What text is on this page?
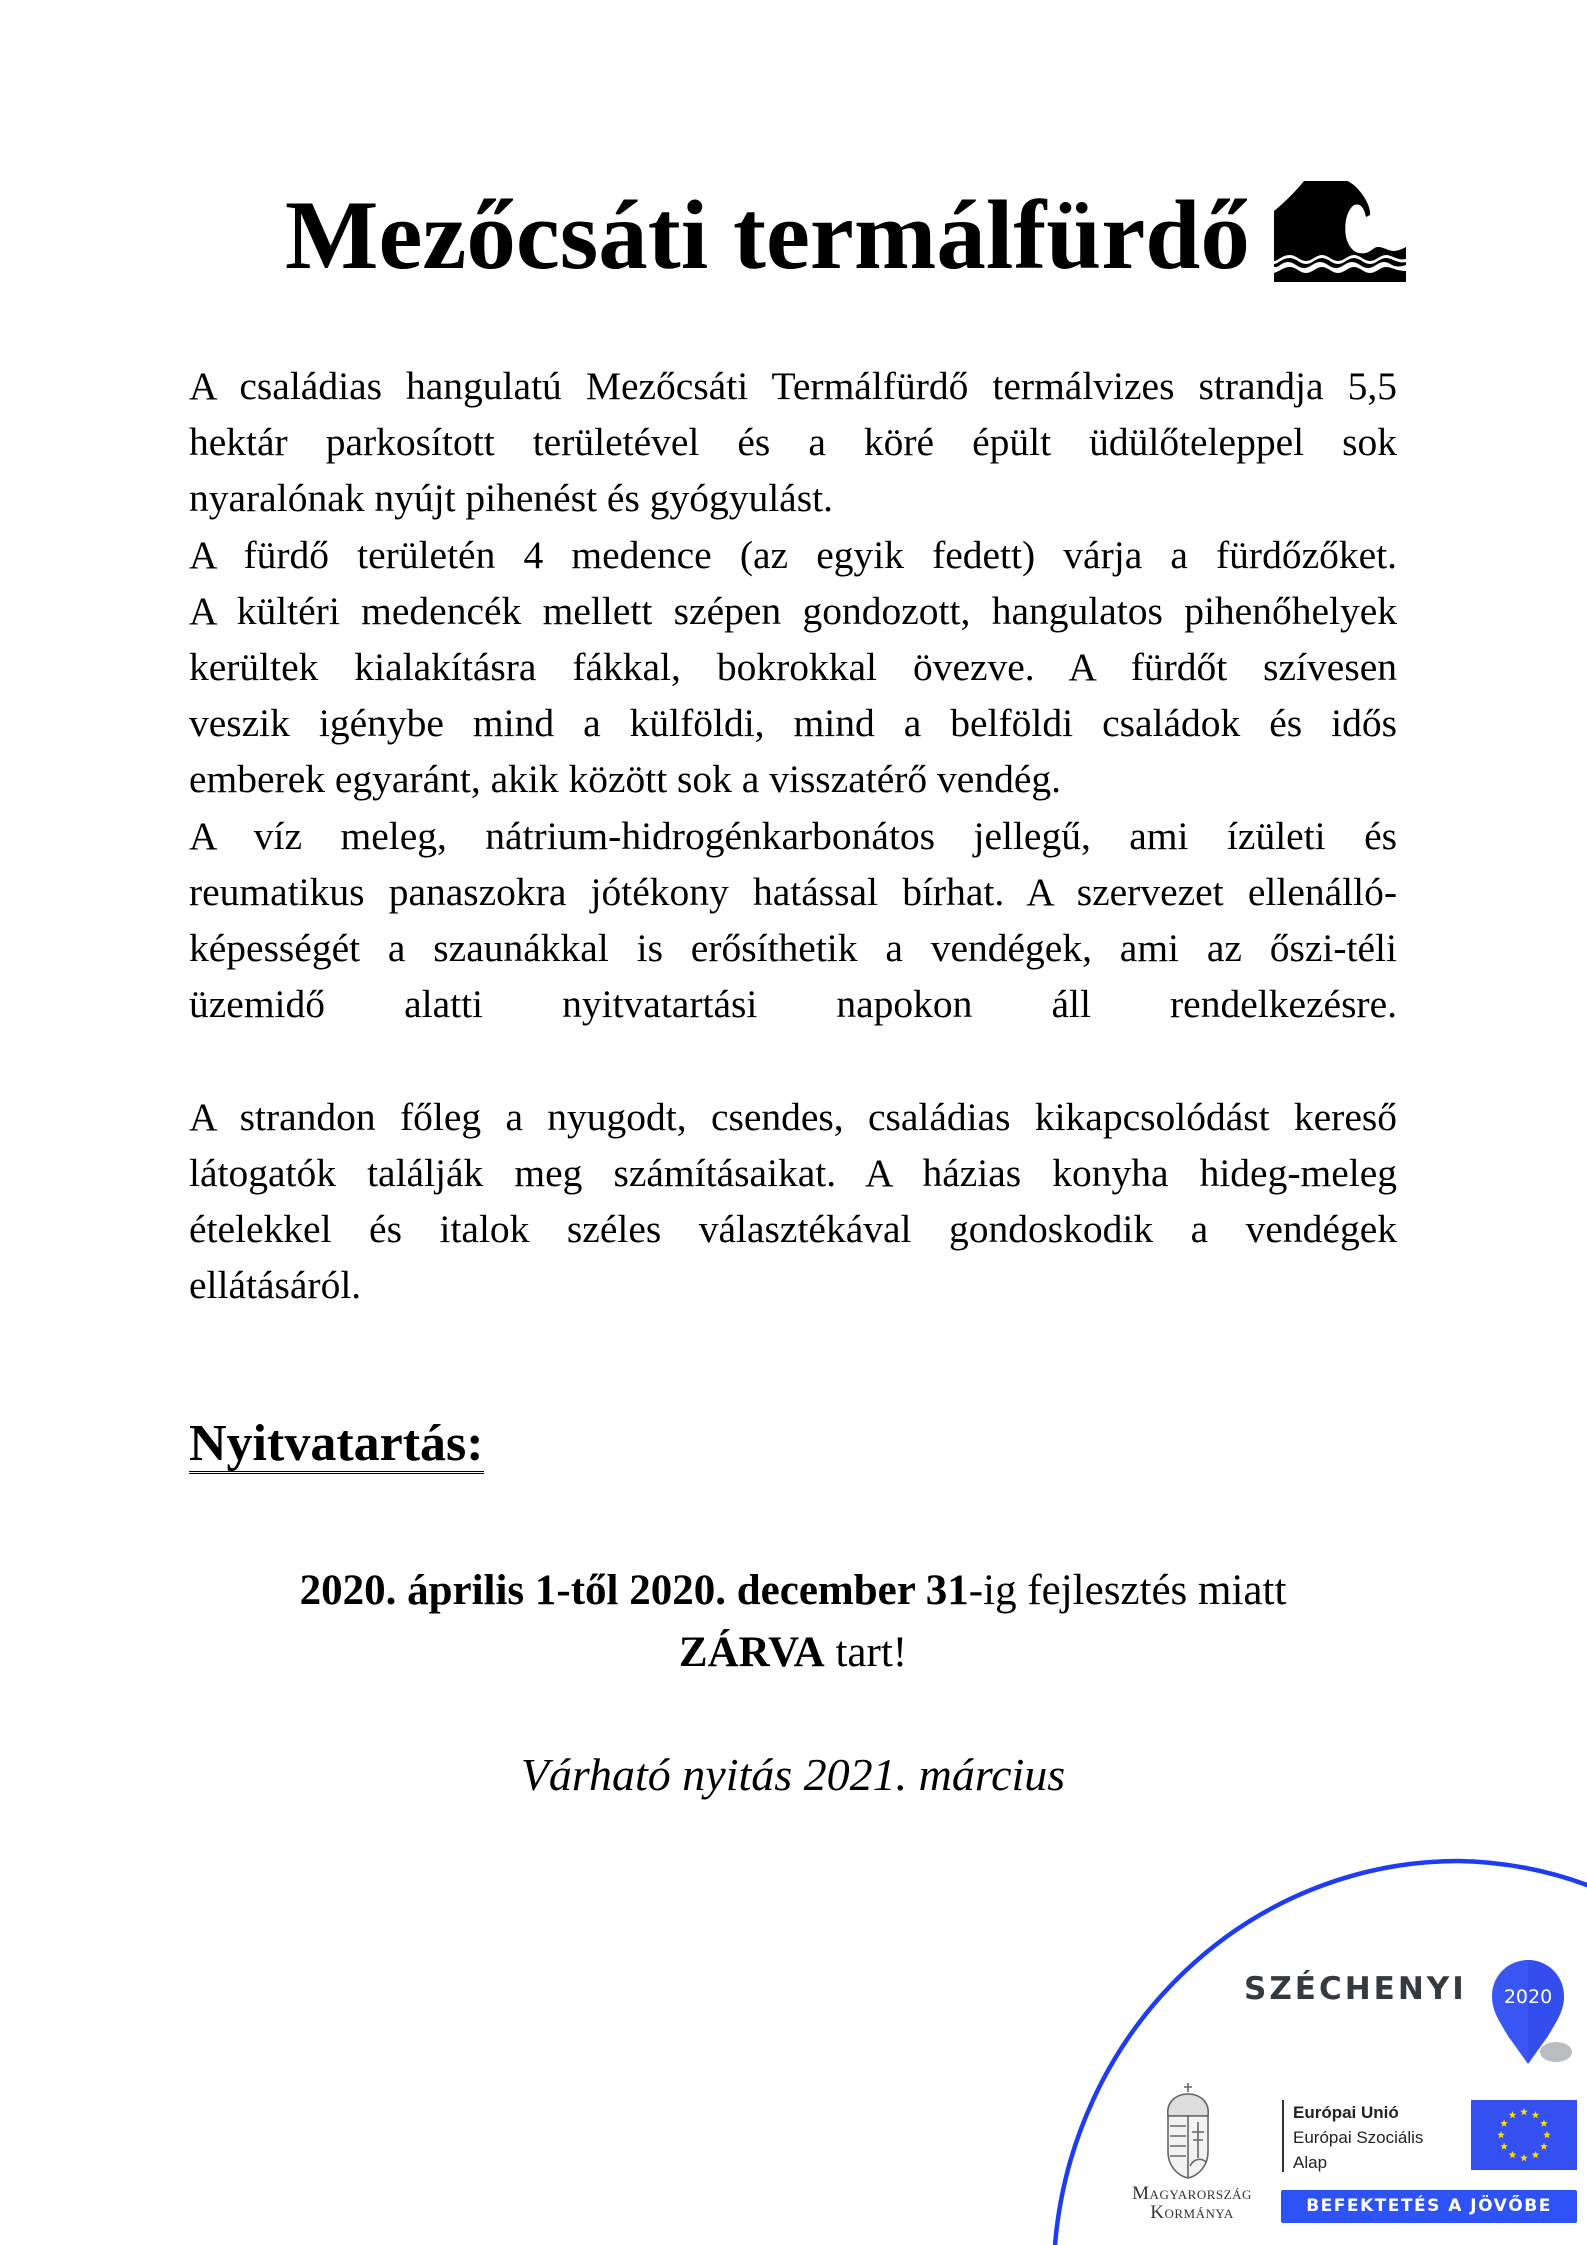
Mezőcsáti termálfürdő

A családias hangulatú Mezőcsáti Termálfürdő termálvizes strandja 5,5
hektár parkosított területével és a köré épült üdülőteleppel sok
nyaralónak nyújt pihenést és gyógyulást.

A fürdő területén 4 medence (az egyik fedett) várja a fürdőzőket.
A kültéri medencék mellett szépen gondozott, hangulatos pihenőhelyek
kerültek kialakításra fákkal, bokrokkal övezve. A fürdőt szívesen
veszik igénybe mind a külföldi, mind a belföldi családok és idős
emberek egyaránt, akik között sok a visszatérő vendég.

A víz meleg, nátrium-hidrogénkarbonátos jellegű, ami ízületi és
reumatikus panaszokra jótékony hatással bírhat. A szervezet ellenálló-
képességét a szaunákkal is erősíthetik a vendégek, ami az őszi-téli
üzemidő alatti nyitvatartási napokon áll rendelkezésre.

A strandon főleg a nyugodt, csendes, családias kikapcsolódást kereső
látogatók találják meg számításaikat. A házias konyha hideg-meleg
ételekkel és italok széles választékával gondoskodik a vendégek
ellátásáról.

Nyitvatartás:
2020. április 1-től 2020. december 31-ig fejlesztés miatt
ZÁRVA tart!
Várható nyitás 2021. március
SZÉCHENYI 2020
Magyarország
Kormánya
Európai Unió
Európai Szociális
Alap
BEFEKTETÉS A JÖVŐBE
